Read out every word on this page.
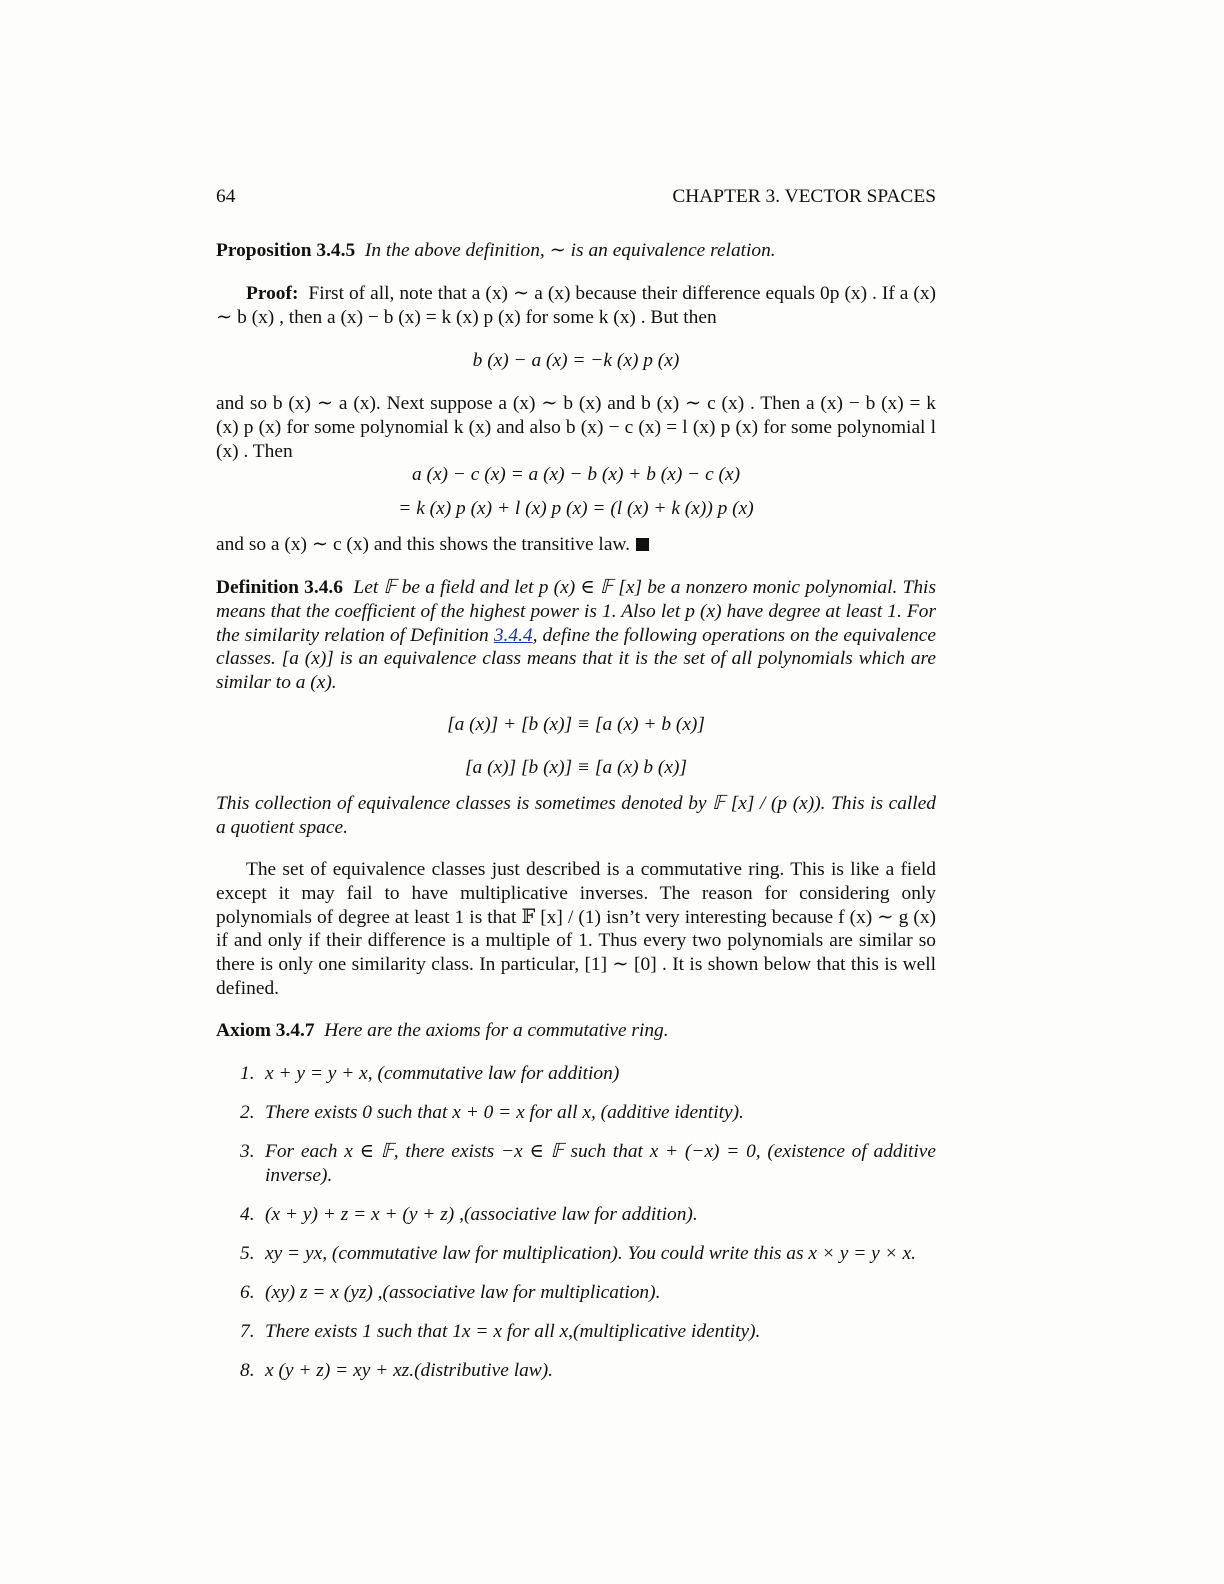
64	CHAPTER 3. VECTOR SPACES
Proposition 3.4.5 In the above definition, ∼ is an equivalence relation.
Proof: First of all, note that a (x) ∼ a (x) because their difference equals 0p (x) . If a (x) ∼ b (x) , then a (x) − b (x) = k (x) p (x) for some k (x) . But then
b (x) − a (x) = −k (x) p (x)
and so b (x) ∼ a (x). Next suppose a (x) ∼ b (x) and b (x) ∼ c (x) . Then a (x) − b (x) = k (x) p (x) for some polynomial k (x) and also b (x) − c (x) = l (x) p (x) for some polynomial l (x) . Then
a (x) − c (x) = a (x) − b (x) + b (x) − c (x)
= k (x) p (x) + l (x) p (x) = (l (x) + k (x)) p (x)
and so a (x) ∼ c (x) and this shows the transitive law.
Definition 3.4.6 Let 𝔽 be a field and let p (x) ∈ 𝔽 [x] be a nonzero monic polynomial. This means that the coefficient of the highest power is 1. Also let p (x) have degree at least 1. For the similarity relation of Definition 3.4.4, define the following operations on the equivalence classes. [a (x)] is an equivalence class means that it is the set of all polynomials which are similar to a (x).
[a (x)] + [b (x)] ≡ [a (x) + b (x)]
[a (x)] [b (x)] ≡ [a (x) b (x)]
This collection of equivalence classes is sometimes denoted by 𝔽 [x] / (p (x)). This is called a quotient space.
The set of equivalence classes just described is a commutative ring. This is like a field except it may fail to have multiplicative inverses. The reason for considering only polynomials of degree at least 1 is that 𝔽 [x] / (1) isn’t very interesting because f (x) ∼ g (x) if and only if their difference is a multiple of 1. Thus every two polynomials are similar so there is only one similarity class. In particular, [1] ∼ [0] . It is shown below that this is well defined.
Axiom 3.4.7 Here are the axioms for a commutative ring.
1. x + y = y + x, (commutative law for addition)
2. There exists 0 such that x + 0 = x for all x, (additive identity).
3. For each x ∈ 𝔽, there exists −x ∈ 𝔽 such that x + (−x) = 0, (existence of additive inverse).
4. (x + y) + z = x + (y + z) ,(associative law for addition).
5. xy = yx, (commutative law for multiplication). You could write this as x × y = y × x.
6. (xy) z = x (yz) ,(associative law for multiplication).
7. There exists 1 such that 1x = x for all x,(multiplicative identity).
8. x (y + z) = xy + xz.(distributive law).
